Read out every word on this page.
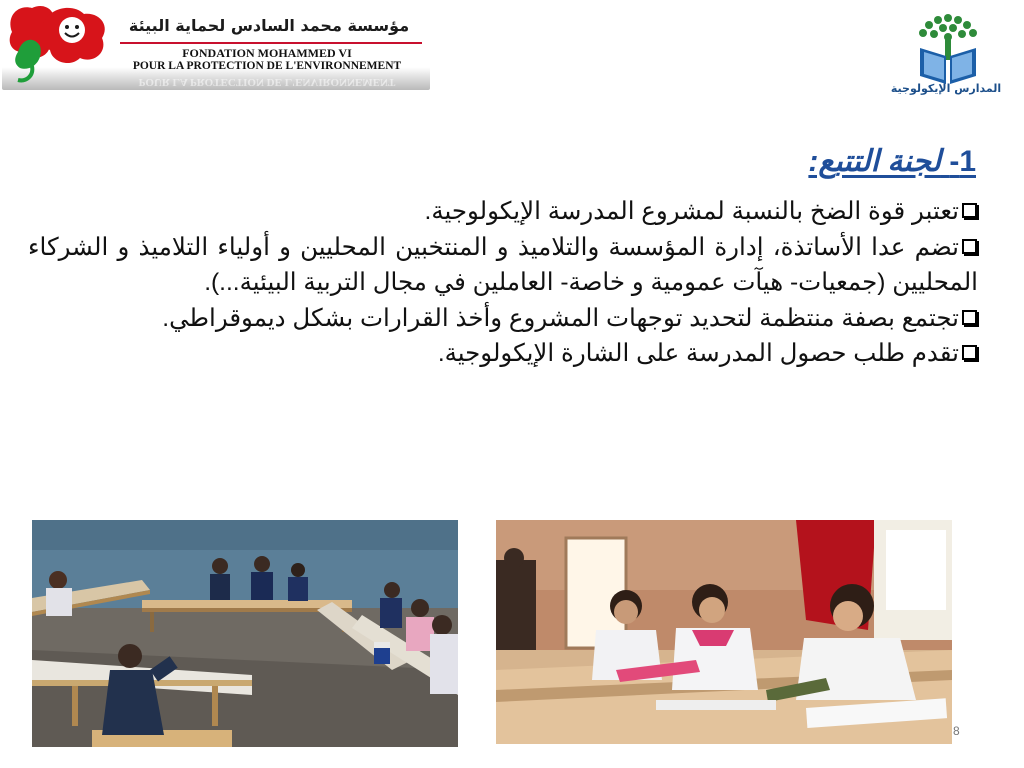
مؤسسة محمد السادس لحماية البيئة
FONDATION MOHAMMED VI
POUR LA PROTECTION DE L'ENVIRONNEMENT
POUR LA PROTECTION DE L'ENVIRONNEMENT	المدارس الإيكولوجية
1- لجنة التتبع:

تعتبر قوة الضخ بالنسبة لمشروع المدرسة الإيكولوجية.

تضم عدا الأساتذة، إدارة المؤسسة والتلاميذ و المنتخبين المحليين و أولياء التلاميذ و الشركاء المحليين (جمعيات- هيآت عمومية و خاصة- العاملين في مجال التربية البيئية...).

تجتمع بصفة منتظمة لتحديد توجهات المشروع وأخذ القرارات بشكل ديموقراطي.

تقدم طلب حصول المدرسة على الشارة الإيكولوجية.

8
